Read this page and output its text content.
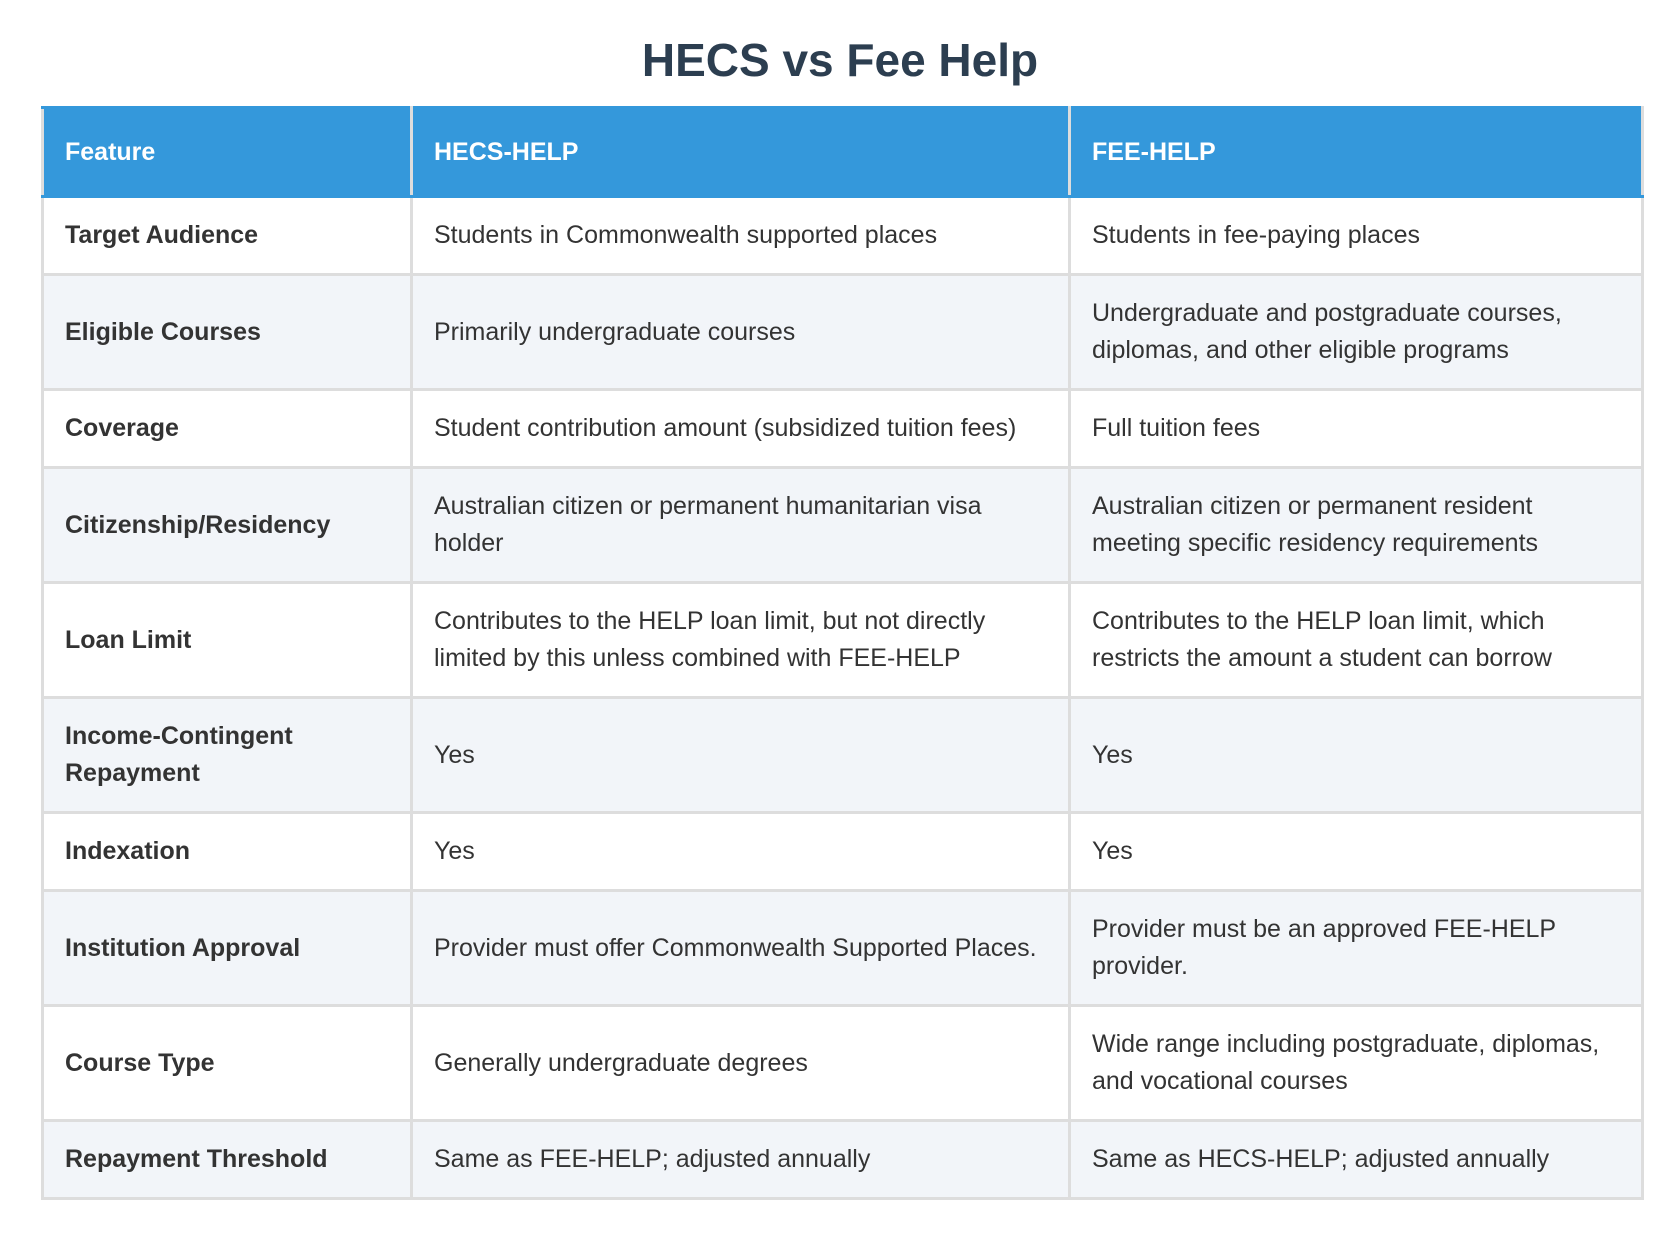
HECS vs Fee Help
Feature	HECS-HELP	FEE-HELP
Target Audience	Students in Commonwealth supported places	Students in fee-paying places
Eligible Courses	Primarily undergraduate courses	Undergraduate and postgraduate courses, diplomas, and other eligible programs
Coverage	Student contribution amount (subsidized tuition fees)	Full tuition fees
Citizenship/Residency	Australian citizen or permanent humanitarian visa holder	Australian citizen or permanent resident meeting specific residency requirements
Loan Limit	Contributes to the HELP loan limit, but not directly limited by this unless combined with FEE-HELP	Contributes to the HELP loan limit, which restricts the amount a student can borrow
Income-Contingent Repayment	Yes	Yes
Indexation	Yes	Yes
Institution Approval	Provider must offer Commonwealth Supported Places.	Provider must be an approved FEE-HELP provider.
Course Type	Generally undergraduate degrees	Wide range including postgraduate, diplomas, and vocational courses
Repayment Threshold	Same as FEE-HELP; adjusted annually	Same as HECS-HELP; adjusted annually
